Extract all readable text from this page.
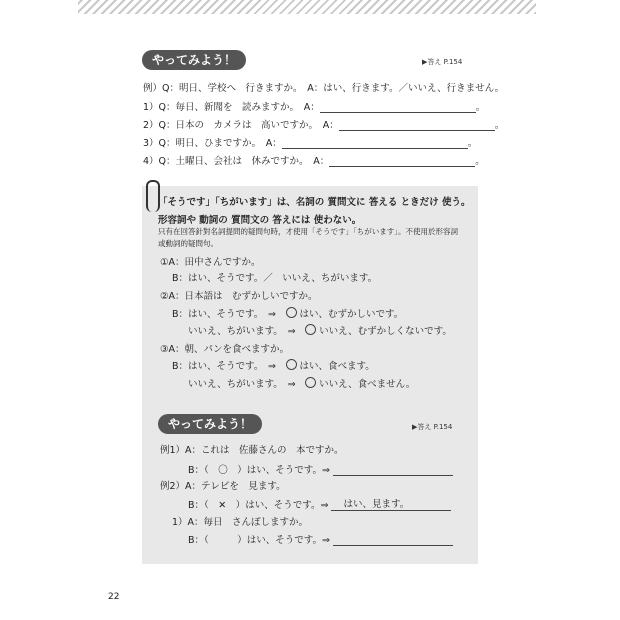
やってみよう！	▶答え P.154
例）Q：明日、学校へ　行きますか。　 A：はい、行きます。／いいえ、行きません。
1）Q：毎日、新聞を　読みますか。　 A：	。
2）Q：日本の　カメラは　高いですか。　 A：	。
3）Q：明日、ひまですか。　 A：	。
4）Q：土曜日、会社は　休みですか。　 A：	。
「そうです」「ちがいます」は、名詞の 質問文に 答える ときだけ 使う。
形容詞や 動詞の 質問文の 答えには 使わない。
只有在回答針對名詞提問的疑問句時，才使用「そうです」「ちがいます」。不使用於形容詞
或動詞的疑問句。
①A：田中さんですか。
B：はい、そうです。／　いいえ、ちがいます。
②A：日本語は　むずかしいですか。
B：はい、そうです。　 ⇒　 はい、むずかしいです。
いいえ、ちがいます。　 ⇒　 いいえ、むずかしくないです。
③A：朝、パンを食べますか。
B：はい、そうです。　 ⇒　 はい、食べます。
いいえ、ちがいます。　 ⇒　 いいえ、食べません。
やってみよう！	▶答え P.154
例1）A：これは　佐藤さんの　本ですか。
B：（　〇　）はい、そうです。⇒
例2）A：テレビを　見ます。
B：（　✕　）はい、そうです。⇒ はい、見ます。
1）A：毎日　さんぽしますか。
B：（　　　）はい、そうです。⇒
22
